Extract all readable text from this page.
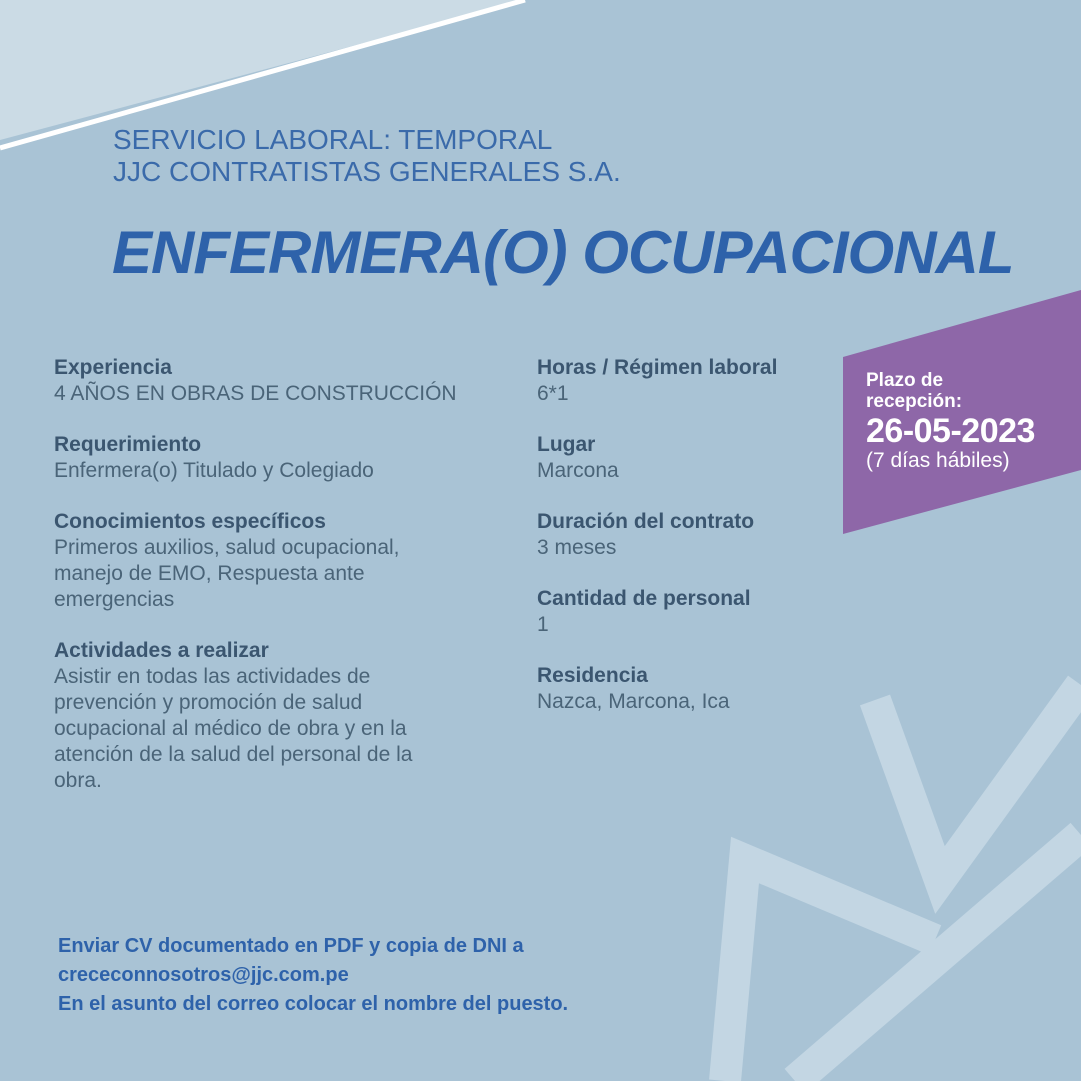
SERVICIO LABORAL: TEMPORAL
JJC CONTRATISTAS GENERALES S.A.
ENFERMERA(O) OCUPACIONAL
Experiencia
4 AÑOS EN OBRAS DE CONSTRUCCIÓN
Requerimiento
Enfermera(o) Titulado y Colegiado
Conocimientos específicos
Primeros auxilios, salud ocupacional, manejo de EMO, Respuesta ante emergencias
Actividades a realizar
Asistir en todas las actividades de prevención y promoción de salud ocupacional al médico de obra y en la atención de la salud del personal de la obra.
Horas / Régimen laboral
6*1
Lugar
Marcona
Duración del contrato
3 meses
Cantidad de personal
1
Residencia
Nazca, Marcona, Ica
Plazo de recepción:
26-05-2023
(7 días hábiles)
Enviar CV documentado en PDF y copia de DNI a
crececonnosotros@jjc.com.pe
En el asunto del correo colocar el nombre del puesto.
